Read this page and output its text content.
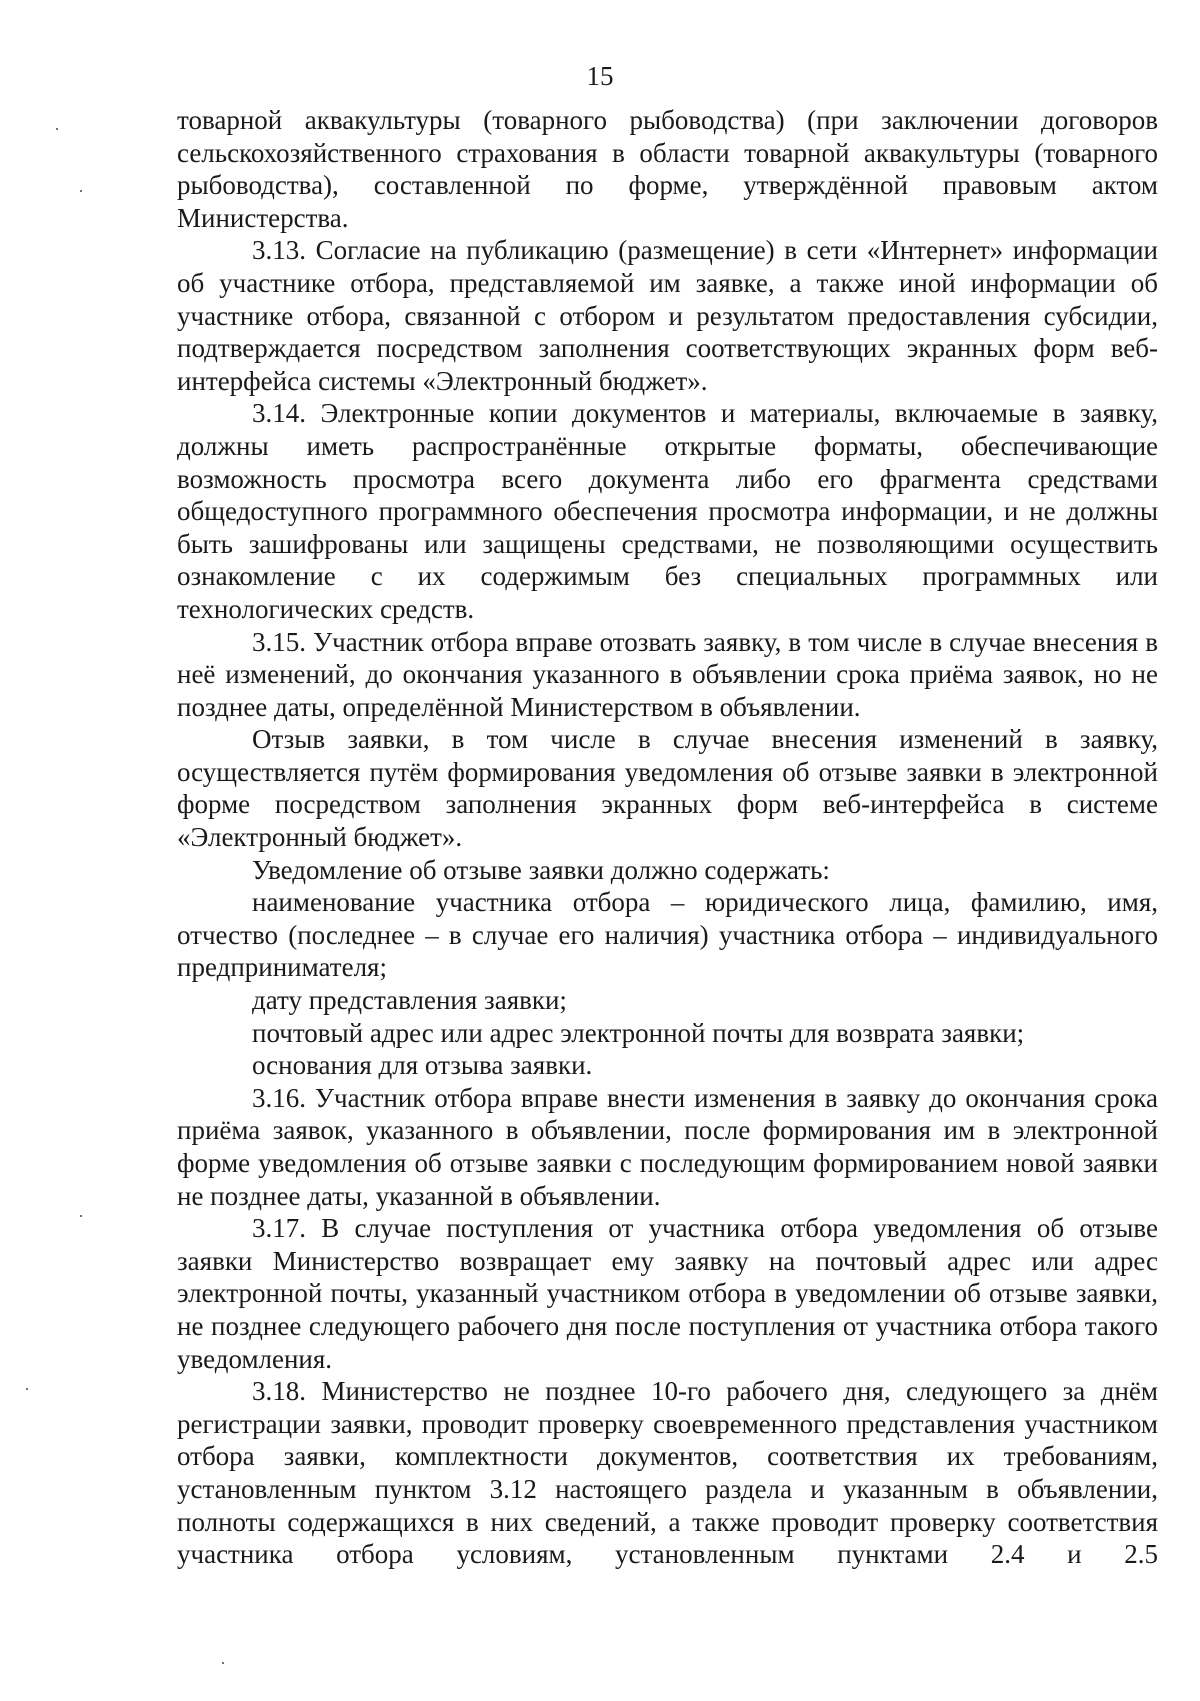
15

товарной аквакультуры (товарного рыбоводства) (при заключении договоров сельскохозяйственного страхования в области товарной аквакультуры (товарного рыбоводства), составленной по форме, утверждённой правовым актом Министерства.

3.13. Согласие на публикацию (размещение) в сети «Интернет» информации об участнике отбора, представляемой им заявке, а также иной информации об участнике отбора, связанной с отбором и результатом предоставления субсидии, подтверждается посредством заполнения соответствующих экранных форм веб-интерфейса системы «Электронный бюджет».

3.14. Электронные копии документов и материалы, включаемые в заявку, должны иметь распространённые открытые форматы, обеспечивающие возможность просмотра всего документа либо его фрагмента средствами общедоступного программного обеспечения просмотра информации, и не должны быть зашифрованы или защищены средствами, не позволяющими осуществить ознакомление с их содержимым без специальных программных или технологических средств.

3.15. Участник отбора вправе отозвать заявку, в том числе в случае внесения в неё изменений, до окончания указанного в объявлении срока приёма заявок, но не позднее даты, определённой Министерством в объявлении.

Отзыв заявки, в том числе в случае внесения изменений в заявку, осуществляется путём формирования уведомления об отзыве заявки в электронной форме посредством заполнения экранных форм веб-интерфейса в системе «Электронный бюджет».

Уведомление об отзыве заявки должно содержать:

наименование участника отбора – юридического лица, фамилию, имя, отчество (последнее – в случае его наличия) участника отбора – индивидуального предпринимателя;

дату представления заявки;

почтовый адрес или адрес электронной почты для возврата заявки;

основания для отзыва заявки.

3.16. Участник отбора вправе внести изменения в заявку до окончания срока приёма заявок, указанного в объявлении, после формирования им в электронной форме уведомления об отзыве заявки с последующим формированием новой заявки не позднее даты, указанной в объявлении.

3.17. В случае поступления от участника отбора уведомления об отзыве заявки Министерство возвращает ему заявку на почтовый адрес или адрес электронной почты, указанный участником отбора в уведомлении об отзыве заявки, не позднее следующего рабочего дня после поступления от участника отбора такого уведомления.

3.18. Министерство не позднее 10-го рабочего дня, следующего за днём регистрации заявки, проводит проверку своевременного представления участником отбора заявки, комплектности документов, соответствия их требованиям, установленным пунктом 3.12 настоящего раздела и указанным в объявлении, полноты содержащихся в них сведений, а также проводит проверку соответствия участника отбора условиям, установленным пунктами 2.4 и 2.5
